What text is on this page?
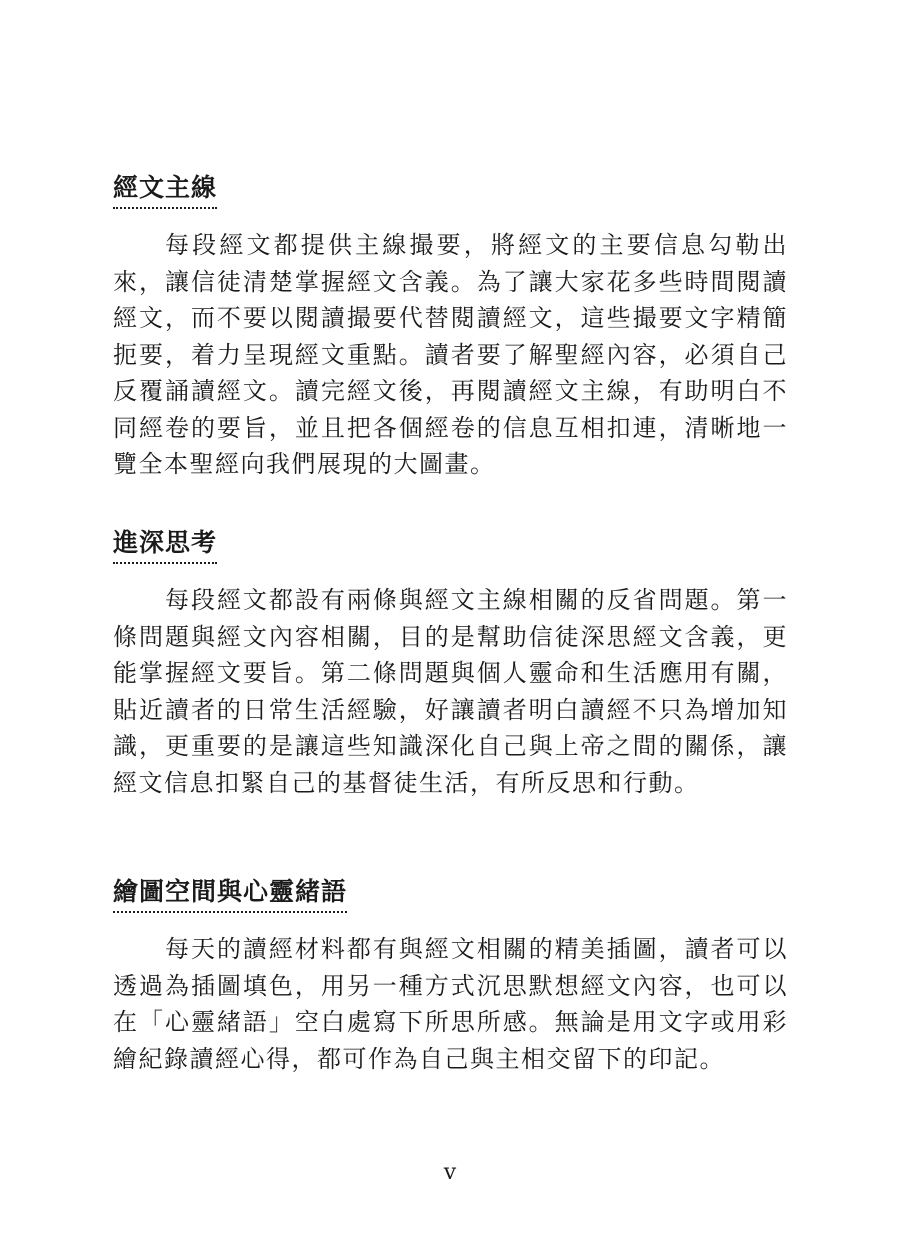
經文主線

每段經文都提供主線撮要，將經文的主要信息勾勒出來，讓信徒清楚掌握經文含義。為了讓大家花多些時間閱讀經文，而不要以閱讀撮要代替閱讀經文，這些撮要文字精簡扼要，着力呈現經文重點。讀者要了解聖經內容，必須自己反覆誦讀經文。讀完經文後，再閱讀經文主線，有助明白不同經卷的要旨，並且把各個經卷的信息互相扣連，清晰地一覽全本聖經向我們展現的大圖畫。

進深思考

每段經文都設有兩條與經文主線相關的反省問題。第一條問題與經文內容相關，目的是幫助信徒深思經文含義，更能掌握經文要旨。第二條問題與個人靈命和生活應用有關，貼近讀者的日常生活經驗，好讓讀者明白讀經不只為增加知識，更重要的是讓這些知識深化自己與上帝之間的關係，讓經文信息扣緊自己的基督徒生活，有所反思和行動。

繪圖空間與心靈緒語

每天的讀經材料都有與經文相關的精美插圖，讀者可以透過為插圖填色，用另一種方式沉思默想經文內容，也可以在「心靈緒語」空白處寫下所思所感。無論是用文字或用彩繪紀錄讀經心得，都可作為自己與主相交留下的印記。

v
